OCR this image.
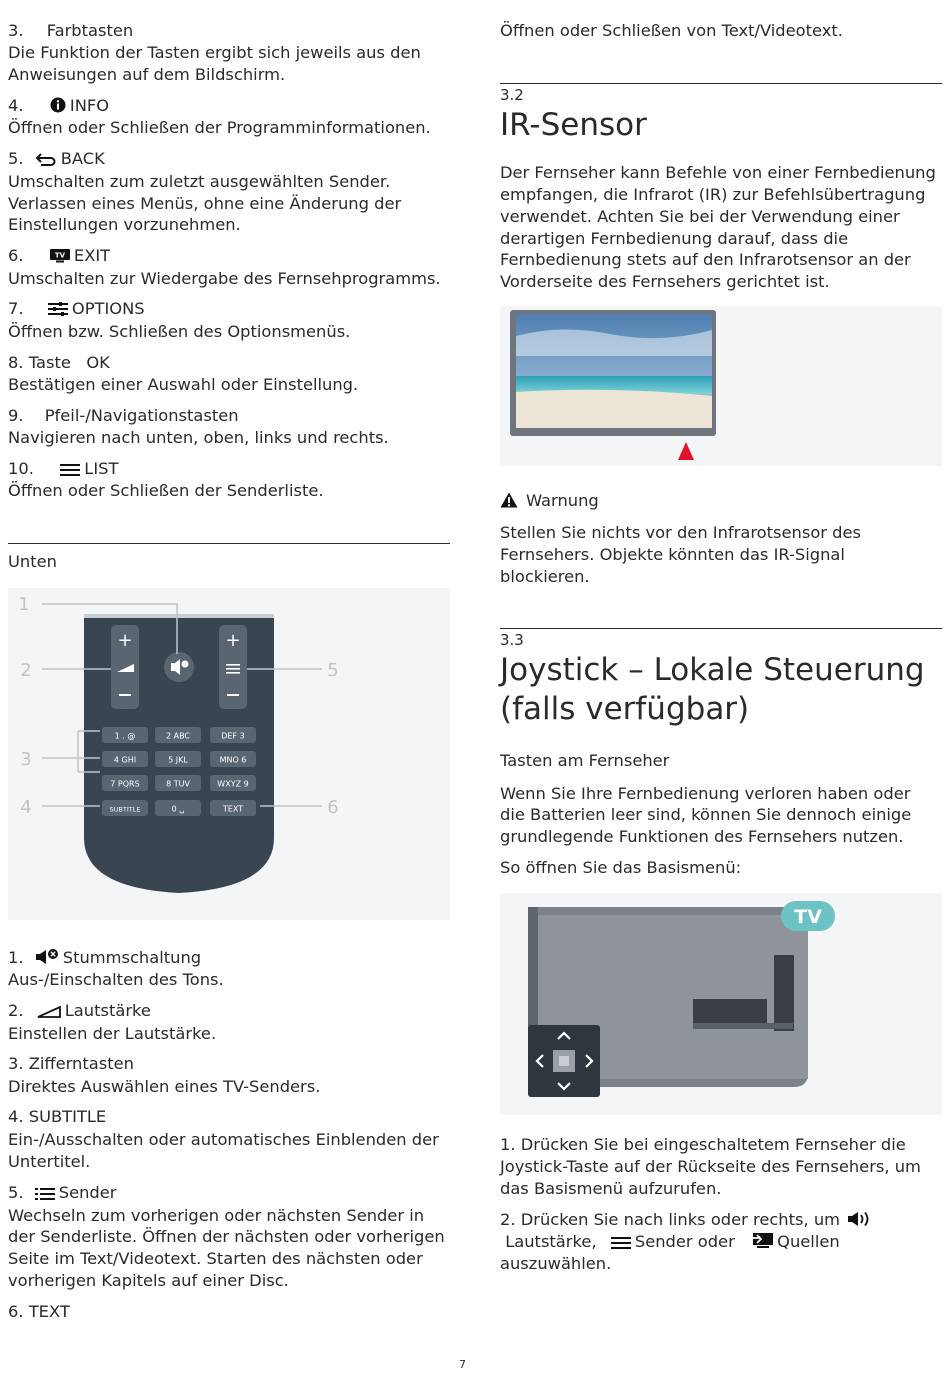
3. Farbtasten
Die Funktion der Tasten ergibt sich jeweils aus den
Anweisungen auf dem Bildschirm.
4.	INFO
Öffnen oder Schließen der Programminformationen.
5. BACK
Umschalten zum zuletzt ausgewählten Sender.
Verlassen eines Menüs, ohne eine Änderung der
Einstellungen vorzunehmen.
6.	TV EXIT
Umschalten zur Wiedergabe des Fernsehprogramms.
7.	OPTIONS
Öffnen bzw. Schließen des Optionsmenüs.
8. Taste   OK
Bestätigen einer Auswahl oder Einstellung.
9. Pfeil-/Navigationstasten
Navigieren nach unten, oben, links und rechts.
10.	LIST
Öffnen oder Schließen der Senderliste.
Unten
+	+
1 . @	2 ABC	DEF 3
4 GHI	5 JKL	MNO 6
7 PQRS	8 TUV	WXYZ 9
SUBTITLE	0 ␣	TEXT
1
2
3
4
5
6
1. Stummschaltung
Aus-/Einschalten des Tons.
2.	Lautstärke
Einstellen der Lautstärke.
3. Zifferntasten
Direktes Auswählen eines TV-Senders.
4. SUBTITLE
Ein-/Ausschalten oder automatisches Einblenden der
Untertitel.
5. Sender
Wechseln zum vorherigen oder nächsten Sender in
der Senderliste. Öffnen der nächsten oder vorherigen
Seite im Text/Videotext. Starten des nächsten oder
vorherigen Kapitels auf einer Disc.
6. TEXT
Öffnen oder Schließen von Text/Videotext.
3.2
IR-Sensor
Der Fernseher kann Befehle von einer Fernbedienung
empfangen, die Infrarot (IR) zur Befehlsübertragung
verwendet. Achten Sie bei der Verwendung einer
derartigen Fernbedienung darauf, dass die
Fernbedienung stets auf den Infrarotsensor an der
Vorderseite des Fernsehers gerichtet ist.
Warnung
Stellen Sie nichts vor den Infrarotsensor des
Fernsehers. Objekte könnten das IR-Signal
blockieren.
3.3
Joystick – Lokale Steuerung
(falls verfügbar)
Tasten am Fernseher
Wenn Sie Ihre Fernbedienung verloren haben oder
die Batterien leer sind, können Sie dennoch einige
grundlegende Funktionen des Fernsehers nutzen.
So öffnen Sie das Basismenü:
TV
1. Drücken Sie bei eingeschaltetem Fernseher die
Joystick-Taste auf der Rückseite des Fernsehers, um
das Basismenü aufzurufen.
2. Drücken Sie nach links oder rechts, um
Lautstärke, Sender oder	Quellen
auszuwählen.
7
